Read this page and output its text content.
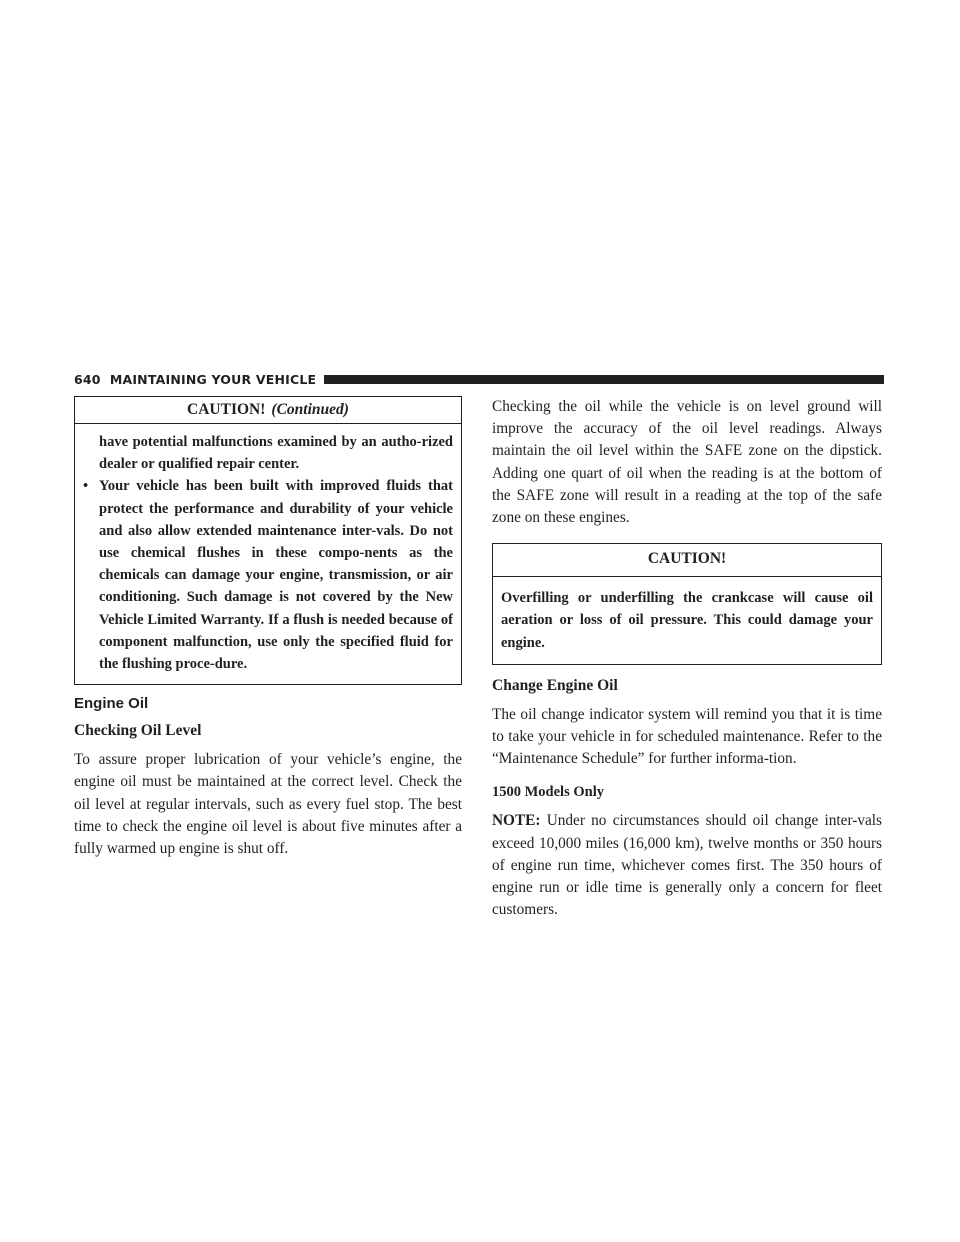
640 MAINTAINING YOUR VEHICLE
CAUTION! (Continued)
have potential malfunctions examined by an autho-rized dealer or qualified repair center.
• Your vehicle has been built with improved fluids that protect the performance and durability of your vehicle and also allow extended maintenance inter-vals. Do not use chemical flushes in these compo-nents as the chemicals can damage your engine, transmission, or air conditioning. Such damage is not covered by the New Vehicle Limited Warranty. If a flush is needed because of component malfunction, use only the specified fluid for the flushing proce-dure.
Engine Oil
Checking Oil Level

To assure proper lubrication of your vehicle’s engine, the engine oil must be maintained at the correct level. Check the oil level at regular intervals, such as every fuel stop. The best time to check the engine oil level is about five minutes after a fully warmed up engine is shut off.

Checking the oil while the vehicle is on level ground will improve the accuracy of the oil level readings. Always maintain the oil level within the SAFE zone on the dipstick. Adding one quart of oil when the reading is at the bottom of the SAFE zone will result in a reading at the top of the safe zone on these engines.

CAUTION!
Overfilling or underfilling the crankcase will cause oil aeration or loss of oil pressure. This could damage your engine.
Change Engine Oil

The oil change indicator system will remind you that it is time to take your vehicle in for scheduled maintenance. Refer to the “Maintenance Schedule” for further informa-tion.

1500 Models Only

NOTE: Under no circumstances should oil change inter-vals exceed 10,000 miles (16,000 km), twelve months or 350 hours of engine run time, whichever comes first. The 350 hours of engine run or idle time is generally only a concern for fleet customers.
